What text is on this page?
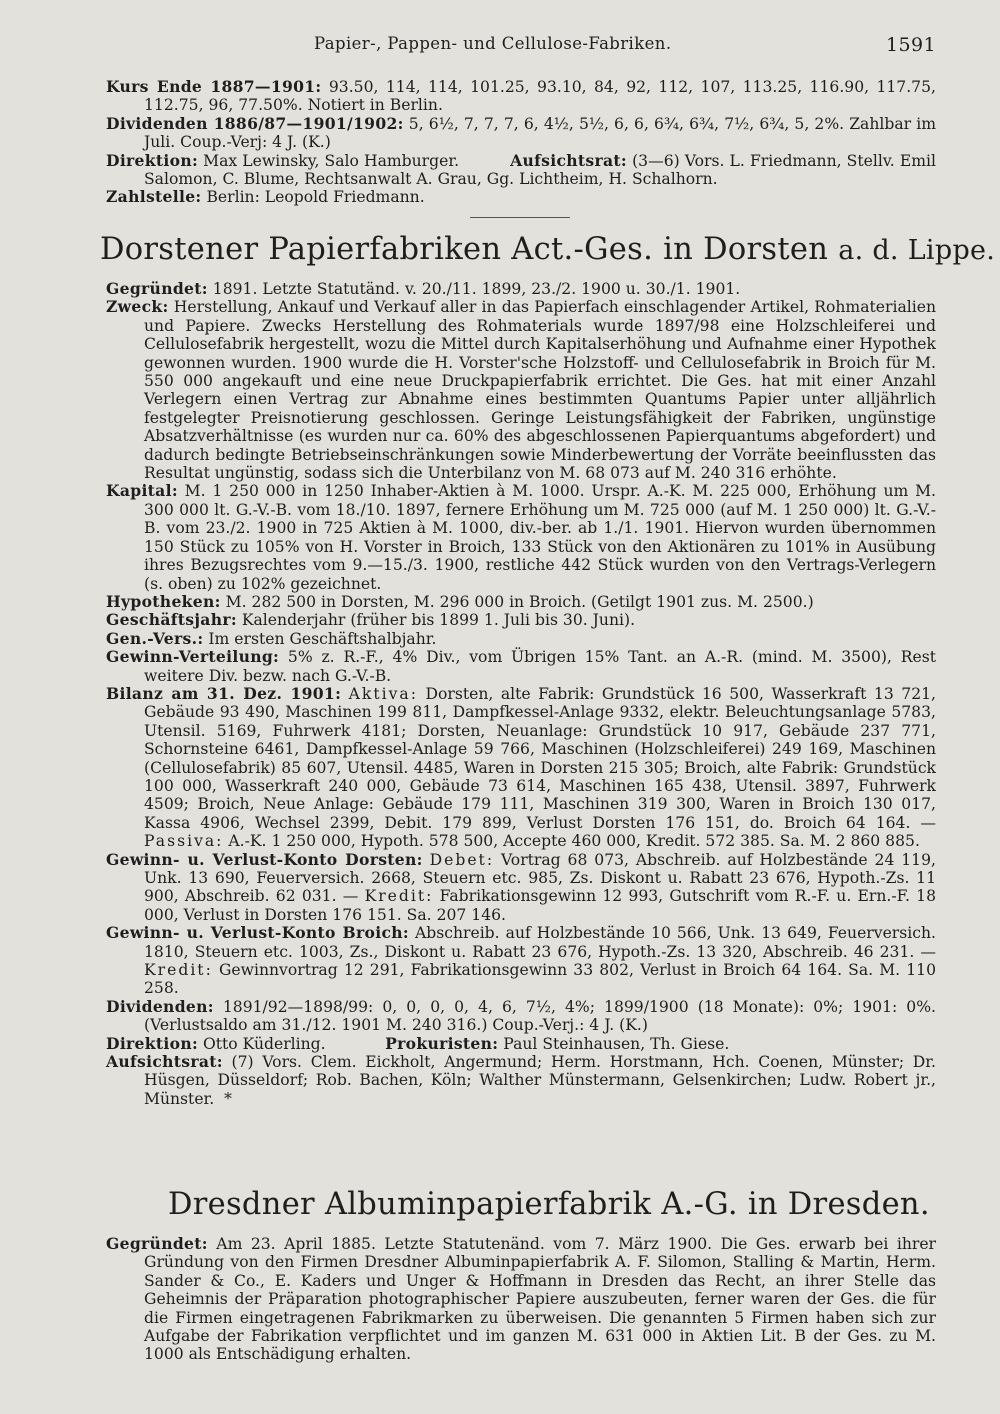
Papier-, Pappen- und Cellulose-Fabriken.	1591

Kurs Ende 1887—1901: 93.50, 114, 114, 101.25, 93.10, 84, 92, 112, 107, 113.25, 116.90, 117.75, 112.75, 96, 77.50%. Notiert in Berlin.

Dividenden 1886/87—1901/1902: 5, 6½, 7, 7, 7, 6, 4½, 5½, 6, 6, 6¾, 6¾, 7½, 6¾, 5, 2%. Zahlbar im Juli. Coup.-Verj: 4 J. (K.)

Direktion: Max Lewinsky, Salo Hamburger.	Aufsichtsrat: (3—6) Vors. L. Friedmann, Stellv. Emil Salomon, C. Blume, Rechtsanwalt A. Grau, Gg. Lichtheim, H. Schalhorn.

Zahlstelle: Berlin: Leopold Friedmann.

Dorstener Papierfabriken Act.-Ges. in Dorsten a. d. Lippe.

Gegründet: 1891. Letzte Statutänd. v. 20./11. 1899, 23./2. 1900 u. 30./1. 1901.

Zweck: Herstellung, Ankauf und Verkauf aller in das Papierfach einschlagender Artikel, Rohmaterialien und Papiere. Zwecks Herstellung des Rohmaterials wurde 1897/98 eine Holzschleiferei und Cellulosefabrik hergestellt, wozu die Mittel durch Kapitalserhöhung und Aufnahme einer Hypothek gewonnen wurden. 1900 wurde die H. Vorster'sche Holzstoff- und Cellulosefabrik in Broich für M. 550 000 angekauft und eine neue Druckpapierfabrik errichtet. Die Ges. hat mit einer Anzahl Verlegern einen Vertrag zur Abnahme eines bestimmten Quantums Papier unter alljährlich festgelegter Preisnotierung geschlossen. Geringe Leistungsfähigkeit der Fabriken, ungünstige Absatzverhältnisse (es wurden nur ca. 60% des abgeschlossenen Papierquantums abgefordert) und dadurch bedingte Betriebseinschränkungen sowie Minderbewertung der Vorräte beeinflussten das Resultat ungünstig, sodass sich die Unterbilanz von M. 68 073 auf M. 240 316 erhöhte.

Kapital: M. 1 250 000 in 1250 Inhaber-Aktien à M. 1000. Urspr. A.-K. M. 225 000, Erhöhung um M. 300 000 lt. G.-V.-B. vom 18./10. 1897, fernere Erhöhung um M. 725 000 (auf M. 1 250 000) lt. G.-V.-B. vom 23./2. 1900 in 725 Aktien à M. 1000, div.-ber. ab 1./1. 1901. Hiervon wurden übernommen 150 Stück zu 105% von H. Vorster in Broich, 133 Stück von den Aktionären zu 101% in Ausübung ihres Bezugsrechtes vom 9.—15./3. 1900, restliche 442 Stück wurden von den Vertrags-Verlegern (s. oben) zu 102% gezeichnet.

Hypotheken: M. 282 500 in Dorsten, M. 296 000 in Broich. (Getilgt 1901 zus. M. 2500.)

Geschäftsjahr: Kalenderjahr (früher bis 1899 1. Juli bis 30. Juni).

Gen.-Vers.: Im ersten Geschäftshalbjahr.

Gewinn-Verteilung: 5% z. R.-F., 4% Div., vom Übrigen 15% Tant. an A.-R. (mind. M. 3500), Rest weitere Div. bezw. nach G.-V.-B.

Bilanz am 31. Dez. 1901: Aktiva: Dorsten, alte Fabrik: Grundstück 16 500, Wasserkraft 13 721, Gebäude 93 490, Maschinen 199 811, Dampfkessel-Anlage 9332, elektr. Beleuchtungsanlage 5783, Utensil. 5169, Fuhrwerk 4181; Dorsten, Neuanlage: Grundstück 10 917, Gebäude 237 771, Schornsteine 6461, Dampfkessel-Anlage 59 766, Maschinen (Holzschleiferei) 249 169, Maschinen (Cellulosefabrik) 85 607, Utensil. 4485, Waren in Dorsten 215 305; Broich, alte Fabrik: Grundstück 100 000, Wasserkraft 240 000, Gebäude 73 614, Maschinen 165 438, Utensil. 3897, Fuhrwerk 4509; Broich, Neue Anlage: Gebäude 179 111, Maschinen 319 300, Waren in Broich 130 017, Kassa 4906, Wechsel 2399, Debit. 179 899, Verlust Dorsten 176 151, do. Broich 64 164. — Passiva: A.-K. 1 250 000, Hypoth. 578 500, Accepte 460 000, Kredit. 572 385. Sa. M. 2 860 885.

Gewinn- u. Verlust-Konto Dorsten: Debet: Vortrag 68 073, Abschreib. auf Holzbestände 24 119, Unk. 13 690, Feuerversich. 2668, Steuern etc. 985, Zs. Diskont u. Rabatt 23 676, Hypoth.-Zs. 11 900, Abschreib. 62 031. — Kredit: Fabrikationsgewinn 12 993, Gutschrift vom R.-F. u. Ern.-F. 18 000, Verlust in Dorsten 176 151. Sa. 207 146.

Gewinn- u. Verlust-Konto Broich: Abschreib. auf Holzbestände 10 566, Unk. 13 649, Feuerversich. 1810, Steuern etc. 1003, Zs., Diskont u. Rabatt 23 676, Hypoth.-Zs. 13 320, Abschreib. 46 231. — Kredit: Gewinnvortrag 12 291, Fabrikationsgewinn 33 802, Verlust in Broich 64 164. Sa. M. 110 258.

Dividenden: 1891/92—1898/99: 0, 0, 0, 0, 4, 6, 7½, 4%; 1899/1900 (18 Monate): 0%; 1901: 0%. (Verlustsaldo am 31./12. 1901 M. 240 316.) Coup.-Verj.: 4 J. (K.)

Direktion: Otto Küderling.	Prokuristen: Paul Steinhausen, Th. Giese.

Aufsichtsrat: (7) Vors. Clem. Eickholt, Angermund; Herm. Horstmann, Hch. Coenen, Münster; Dr. Hüsgen, Düsseldorf; Rob. Bachen, Köln; Walther Münstermann, Gelsenkirchen; Ludw. Robert jr., Münster. *

Dresdner Albuminpapierfabrik A.-G. in Dresden.

Gegründet: Am 23. April 1885. Letzte Statutenänd. vom 7. März 1900. Die Ges. erwarb bei ihrer Gründung von den Firmen Dresdner Albuminpapierfabrik A. F. Silomon, Stalling & Martin, Herm. Sander & Co., E. Kaders und Unger & Hoffmann in Dresden das Recht, an ihrer Stelle das Geheimnis der Präparation photographischer Papiere auszubeuten, ferner waren der Ges. die für die Firmen eingetragenen Fabrikmarken zu überweisen. Die genannten 5 Firmen haben sich zur Aufgabe der Fabrikation verpflichtet und im ganzen M. 631 000 in Aktien Lit. B der Ges. zu M. 1000 als Entschädigung erhalten.
